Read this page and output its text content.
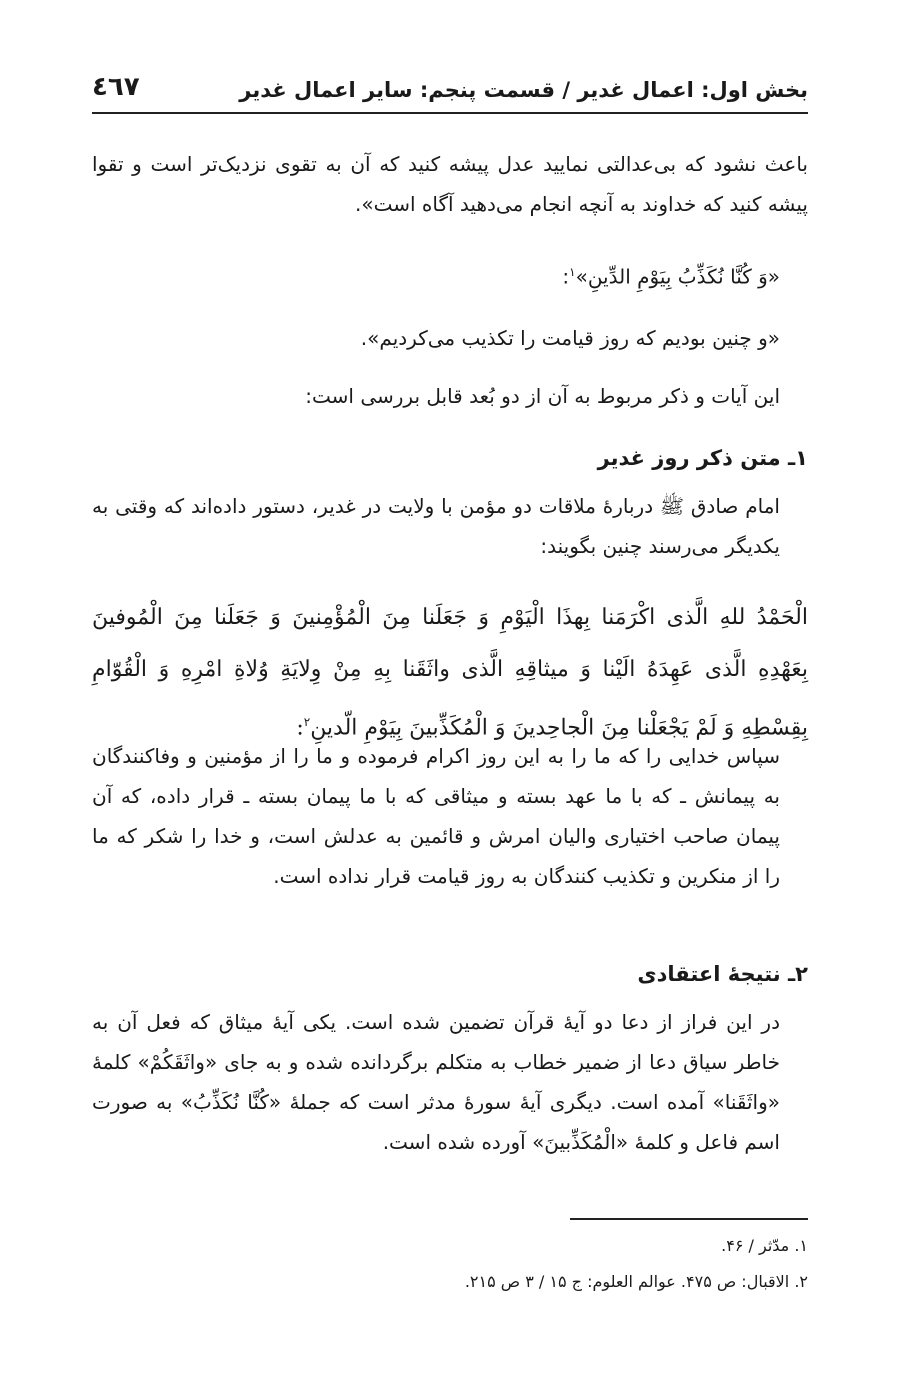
بخش اول: اعمال غدیر / قسمت پنجم: سایر اعمال غدیر
٤٦٧

باعث نشود که بی‌عدالتی نمایید عدل پیشه کنید که آن به تقوی نزدیک‌تر است و تقوا پیشه کنید که خداوند به آنچه انجام می‌دهید آگاه است».

«وَ کُنَّا نُکَذِّبُ بِیَوْمِ الدِّینِ»$^۱$:

«و چنین بودیم که روز قیامت را تکذیب می‌کردیم».

این آیات و ذکر مربوط به آن از دو بُعد قابل بررسی است:

۱ـ متن ذکر روز غدیر

امام صادق ﷺ دربارهٔ ملاقات دو مؤمن با ولایت در غدیر، دستور داده‌اند که وقتی به یکدیگر می‌رسند چنین بگویند:

الْحَمْدُ للهِ الَّذی اکْرَمَنا بِهذَا الْیَوْمِ وَ جَعَلَنا مِنَ الْمُؤْمِنینَ وَ جَعَلَنا مِنَ الْمُوفینَ بِعَهْدِهِ الَّذی عَهِدَهُ الَیْنا وَ میثاقِهِ الَّذی واثَقَنا بِهِ مِنْ وِلایَةِ وُلاةِ امْرِهِ وَ الْقُوّامِ بِقِسْطِهِ وَ لَمْ یَجْعَلْنا مِنَ الْجاحِدینَ وَ الْمُکَذِّبینَ بِیَوْمِ الّدینِ$^۲$:

سپاس خدایی را که ما را به این روز اکرام فرموده و ما را از مؤمنین و وفاکنندگان به پیمانش ـ که با ما عهد بسته و میثاقی که با ما پیمان بسته ـ قرار داده، که آن پیمان صاحب اختیاری والیان امرش و قائمین به عدلش است، و خدا را شکر که ما را از منکرین و تکذیب کنندگان به روز قیامت قرار نداده است.

۲ـ نتیجهٔ اعتقادی

در این فراز از دعا دو آیهٔ قرآن تضمین شده است. یکی آیهٔ میثاق که فعل آن به خاطر سیاق دعا از ضمیر خطاب به متکلم برگردانده شده و به جای «واثَقَکُمْ» کلمهٔ «واثَقَنا» آمده است. دیگری آیهٔ سورهٔ مدثر است که جملهٔ «کُنَّا نُکَذِّبُ» به صورت اسم فاعل و کلمهٔ «الْمُکَذِّبینَ» آورده شده است.

۱. مدّثر / ۴۶.
۲. الاقبال: ص ۴۷۵. عوالم العلوم: ج ۱۵ / ۳ ص ۲۱۵.
